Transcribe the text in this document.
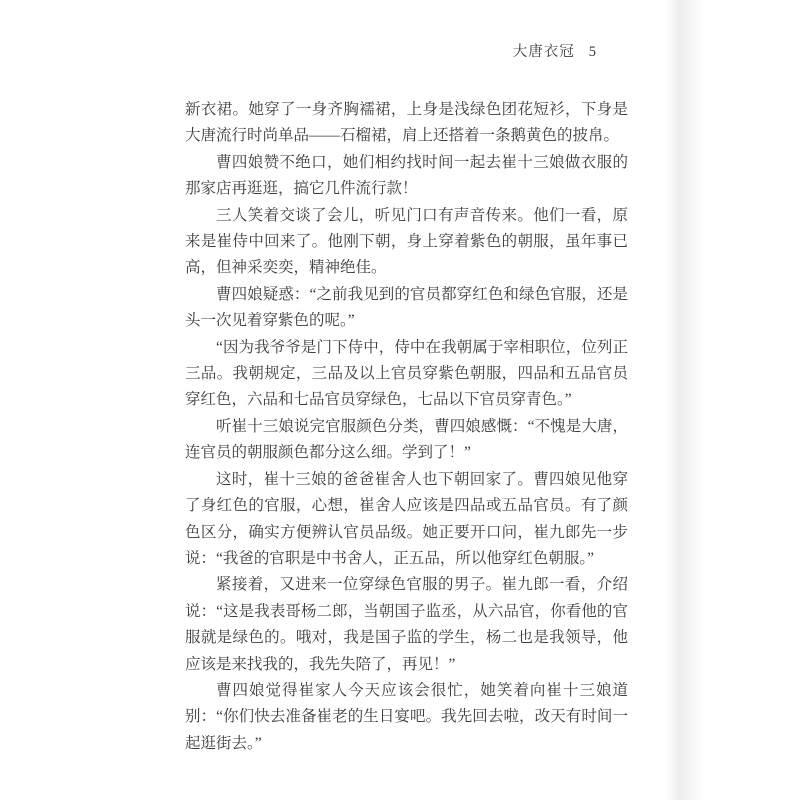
大唐衣冠 5

新衣裙。她穿了一身齐胸襦裙，上身是浅绿色团花短衫，下身是大唐流行时尚单品——石榴裙，肩上还搭着一条鹅黄色的披帛。

曹四娘赞不绝口，她们相约找时间一起去崔十三娘做衣服的那家店再逛逛，搞它几件流行款！

三人笑着交谈了会儿，听见门口有声音传来。他们一看，原来是崔侍中回来了。他刚下朝，身上穿着紫色的朝服，虽年事已高，但神采奕奕，精神绝佳。

曹四娘疑惑：“之前我见到的官员都穿红色和绿色官服，还是头一次见着穿紫色的呢。”

“因为我爷爷是门下侍中，侍中在我朝属于宰相职位，位列正三品。我朝规定，三品及以上官员穿紫色朝服，四品和五品官员穿红色，六品和七品官员穿绿色，七品以下官员穿青色。”

听崔十三娘说完官服颜色分类，曹四娘感慨：“不愧是大唐，连官员的朝服颜色都分这么细。学到了！”

这时，崔十三娘的爸爸崔舍人也下朝回家了。曹四娘见他穿了身红色的官服，心想，崔舍人应该是四品或五品官员。有了颜色区分，确实方便辨认官员品级。她正要开口问，崔九郎先一步说：“我爸的官职是中书舍人，正五品，所以他穿红色朝服。”

紧接着，又进来一位穿绿色官服的男子。崔九郎一看，介绍说：“这是我表哥杨二郎，当朝国子监丞，从六品官，你看他的官服就是绿色的。哦对，我是国子监的学生，杨二也是我领导，他应该是来找我的，我先失陪了，再见！”

曹四娘觉得崔家人今天应该会很忙，她笑着向崔十三娘道别：“你们快去准备崔老的生日宴吧。我先回去啦，改天有时间一起逛街去。”
